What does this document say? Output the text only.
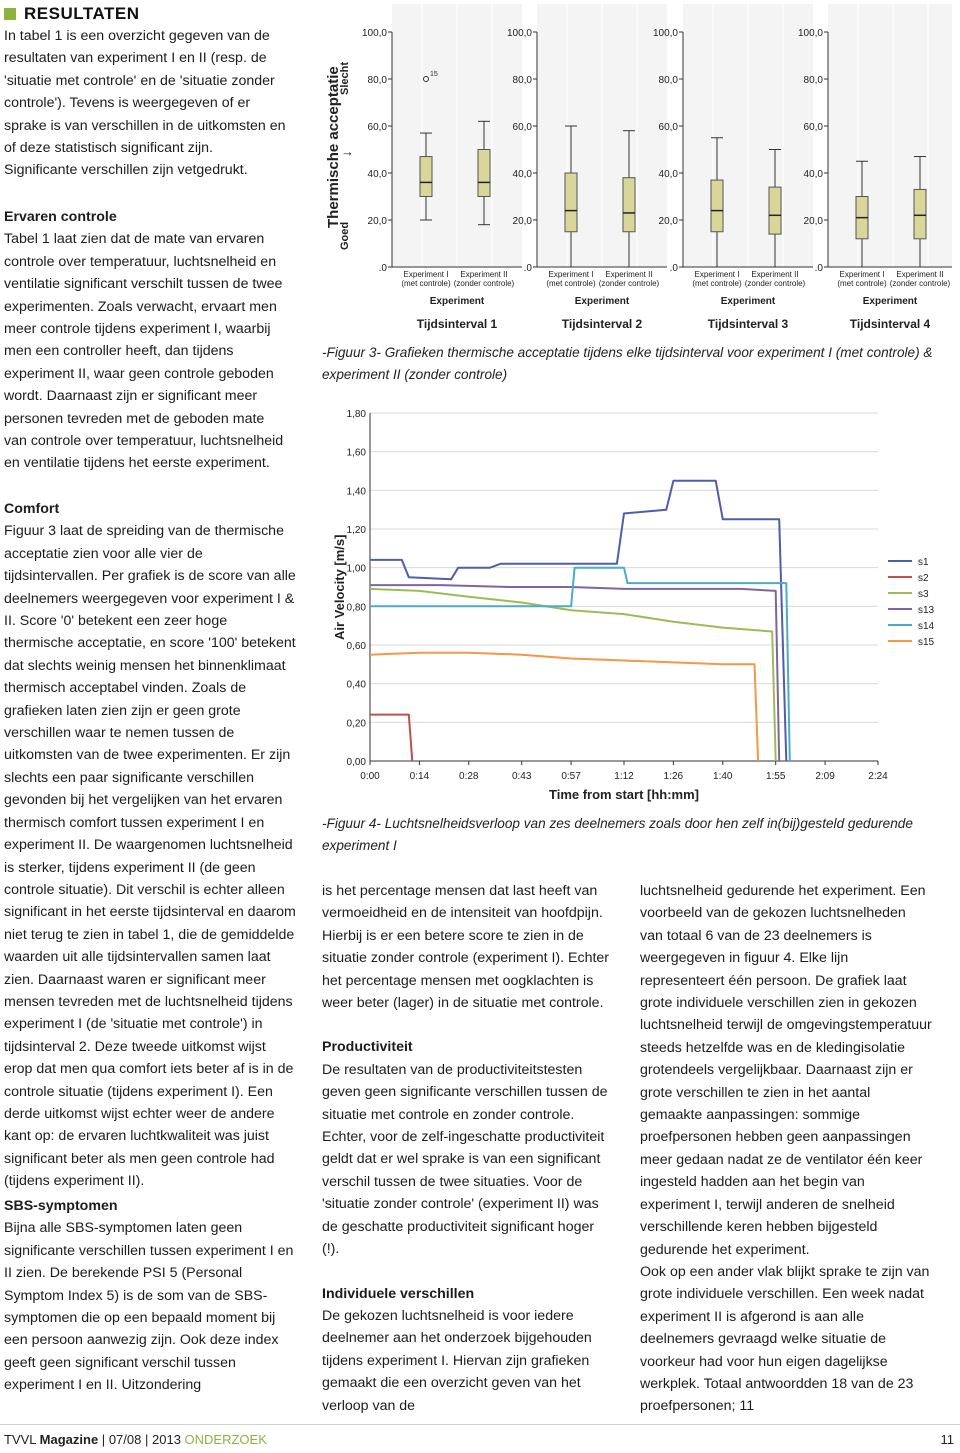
RESULTATEN
In tabel 1 is een overzicht gegeven van de resultaten van experiment I en II (resp. de 'situatie met controle' en de 'situatie zonder controle'). Tevens is weergegeven of er sprake is van verschillen in de uitkomsten en of deze statistisch significant zijn. Significante verschillen zijn vetgedrukt.
Ervaren controle

Tabel 1 laat zien dat de mate van ervaren controle over temperatuur, luchtsnelheid en ventilatie significant verschilt tussen de twee experimenten. Zoals verwacht, ervaart men meer controle tijdens experiment I, waarbij men een controller heeft, dan tijdens experiment II, waar geen controle geboden wordt. Daarnaast zijn er significant meer personen tevreden met de geboden mate van controle over temperatuur, luchtsnelheid en ventilatie tijdens het eerste experiment.

Comfort

Figuur 3 laat de spreiding van de thermische acceptatie zien voor alle vier de tijdsintervallen. Per grafiek is de score van alle deelnemers weergegeven voor experiment I & II. Score '0' betekent een zeer hoge thermische acceptatie, en score '100' betekent dat slechts weinig mensen het binnenklimaat thermisch acceptabel vinden. Zoals de grafieken laten zien zijn er geen grote verschillen waar te nemen tussen de uitkomsten van de twee experimenten. Er zijn slechts een paar significante verschillen gevonden bij het vergelijken van het ervaren thermisch comfort tussen experiment I en experiment II. De waargenomen luchtsnelheid is sterker, tijdens experiment II (de geen controle situatie). Dit verschil is echter alleen significant in het eerste tijdsinterval en daarom niet terug te zien in tabel 1, die de gemiddelde waarden uit alle tijdsintervallen samen laat zien. Daarnaast waren er significant meer mensen tevreden met de luchtsnelheid tijdens experiment I (de 'situatie met controle') in tijdsinterval 2. Deze tweede uitkomst wijst erop dat men qua comfort iets beter af is in de controle situatie (tijdens experiment I). Een derde uitkomst wijst echter weer de andere kant op: de ervaren luchtkwaliteit was juist significant beter als men geen controle had (tijdens experiment II).

SBS-symptomen

Bijna alle SBS-symptomen laten geen significante verschillen tussen experiment I en II zien. De berekende PSI 5 (Personal Symptom Index 5) is de som van de SBS-symptomen die op een bepaald moment bij een persoon aanwezig zijn. Ook deze index geeft geen significant verschil tussen experiment I en II. Uitzondering

Goed
Thermische acceptatie
Slecht
→
.0
20,0
40,0
60,0
80,0
100,0
15
Experiment I
(met controle)
Experiment II
(zonder controle)
Experiment
Tijdsinterval 1
.0
20,0
40,0
60,0
80,0
100,0
Experiment I
(met controle)
Experiment II
(zonder controle)
Experiment
Tijdsinterval 2
.0
20,0
40,0
60,0
80,0
100,0
Experiment I
(met controle)
Experiment II
(zonder controle)
Experiment
Tijdsinterval 3
.0
20,0
40,0
60,0
80,0
100,0
Experiment I
(met controle)
Experiment II
(zonder controle)
Experiment
Tijdsinterval 4
-Figuur 3- Grafieken thermische acceptatie tijdens elke tijdsinterval voor experiment I (met controle) & experiment II (zonder controle)
0,00
0,20
0,40
0,60
0,80
1,00
1,20
1,40
1,60
1,80
0:00	0:14	0:28	0:43	0:57	1:12	1:26	1:40	1:55	2:09	2:24
Air Velocity [m/s]
Time from start [hh:mm]
s1
s2
s3
s13
s14
s15
-Figuur 4- Luchtsnelheidsverloop van zes deelnemers zoals door hen zelf in(bij)gesteld gedurende experiment I

is het percentage mensen dat last heeft van vermoeidheid en de intensiteit van hoofdpijn. Hierbij is er een betere score te zien in de situatie zonder controle (experiment I). Echter het percentage mensen met oogklachten is weer beter (lager) in de situatie met controle.

Productiviteit

De resultaten van de productiviteitstesten geven geen significante verschillen tussen de situatie met controle en zonder controle. Echter, voor de zelf-ingeschatte productiviteit geldt dat er wel sprake is van een significant verschil tussen de twee situaties. Voor de 'situatie zonder controle' (experiment II) was de geschatte productiviteit significant hoger (!).

Individuele verschillen

De gekozen luchtsnelheid is voor iedere deelnemer aan het onderzoek bijgehouden tijdens experiment I. Hiervan zijn grafieken gemaakt die een overzicht geven van het verloop van de

luchtsnelheid gedurende het experiment. Een voorbeeld van de gekozen luchtsnelheden van totaal 6 van de 23 deelnemers is weergegeven in figuur 4. Elke lijn representeert één persoon. De grafiek laat grote individuele verschillen zien in gekozen luchtsnelheid terwijl de omgevingstemperatuur steeds hetzelfde was en de kledingisolatie grotendeels vergelijkbaar. Daarnaast zijn er grote verschillen te zien in het aantal gemaakte aanpassingen: sommige proefpersonen hebben geen aanpassingen meer gedaan nadat ze de ventilator één keer ingesteld hadden aan het begin van experiment I, terwijl anderen de snelheid verschillende keren hebben bijgesteld gedurende het experiment.

Ook op een ander vlak blijkt sprake te zijn van grote individuele verschillen. Een week nadat experiment II is afgerond is aan alle deelnemers gevraagd welke situatie de voorkeur had voor hun eigen dagelijkse werkplek. Totaal antwoordden 18 van de 23 proefpersonen; 11

TVVL Magazine | 07/08 | 2013 ONDERZOEK	11
